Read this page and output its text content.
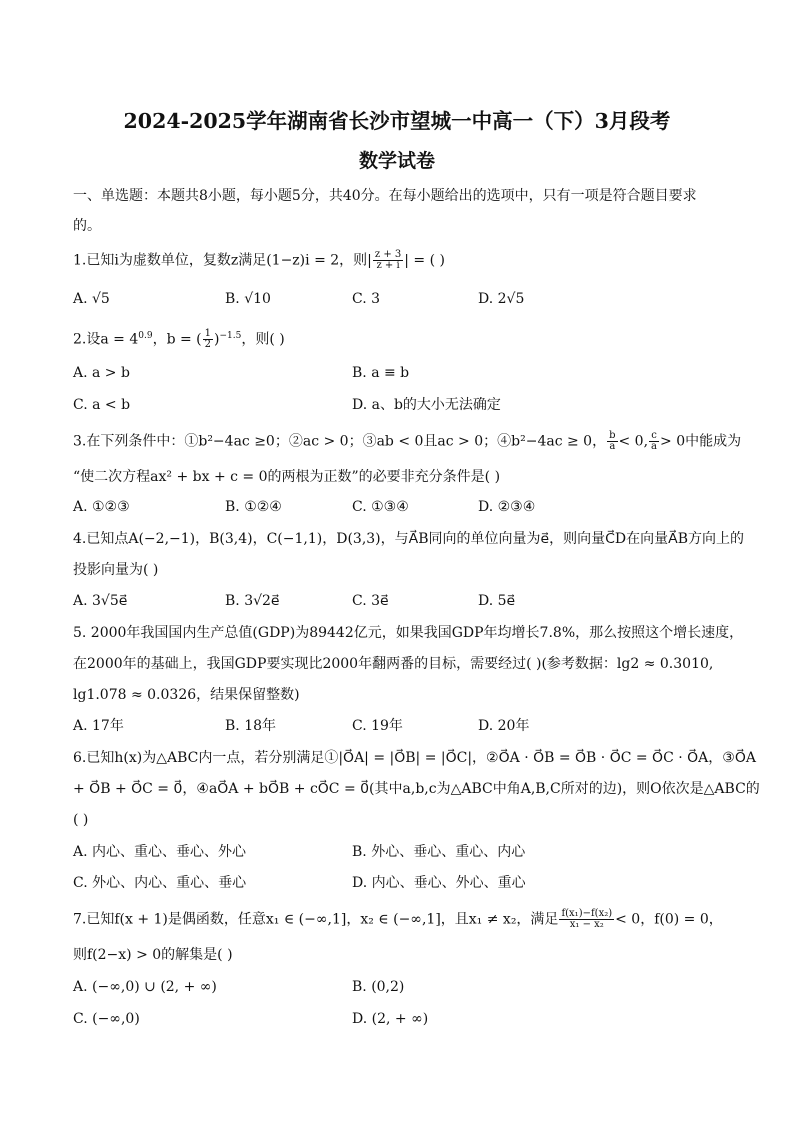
2024-2025学年湖南省长沙市望城一中高一（下）3月段考
数学试卷
一、单选题：本题共8小题，每小题5分，共40分。在每小题给出的选项中，只有一项是符合题目要求
的。
1.已知i为虚数单位，复数z满足(1−z)i = 2，则| $\frac{z + 3}{z + i}$ | = ( )
A. √5	B. √10	C. 3	D. 2√5
2.设$a = 4^{0.9}$，b = ( $\frac{1}{2} )^{-1.5}$，则( )
A. a > b	B. a ≡ b
C. a < b	D. a、b的大小无法确定
3.在下列条件中：①b²−4ac ≥0；②ac > 0；③ab < 0且ac > 0；④b²−4ac ≥ 0， $\frac{b}{a} < 0$, $\frac{c}{a} > 0$中能成为
“使二次方程ax² + bx + c = 0的两根为正数”的必要非充分条件是( )
A. ①②③	B. ①②④	C. ①③④	D. ②③④
4.已知点A(−2,−1)，B(3,4)，C(−1,1)，D(3,3)，与A⃗B同向的单位向量为e⃗，则向量C⃗D在向量A⃗B方向上的
投影向量为( )
A. 3√5e⃗	B. 3√2e⃗	C. 3e⃗	D. 5e⃗
5. 2000年我国国内生产总值(GDP)为89442亿元，如果我国GDP年均增长7.8%，那么按照这个增长速度，
在2000年的基础上，我国GDP要实现比2000年翻两番的目标，需要经过( )(参考数据：lg2 ≈ 0.3010,
lg1.078 ≈ 0.0326，结果保留整数)
A. 17年	B. 18年	C. 19年	D. 20年
6.已知h(x)为△ABC内一点，若分别满足①|O⃗A| = |O⃗B| = |O⃗C|，②O⃗A · O⃗B = O⃗B · O⃗C = O⃗C · O⃗A，③O⃗A
+ O⃗B + O⃗C = 0⃗，④aO⃗A + bO⃗B + cO⃗C = 0⃗(其中a,b,c为△ABC中角A,B,C所对的边)，则O依次是△ABC的
( )
A. 内心、重心、垂心、外心	B. 外心、垂心、重心、内心
C. 外心、内心、重心、垂心	D. 内心、垂心、外心、重心
7.已知f(x + 1)是偶函数，任意x₁ ∈ (−∞,1]，x₂ ∈ (−∞,1]，且x₁ ≠ x₂，满足 $\frac{\text{f(x₁)−f(x₂)}}{\text{x₁ − x₂}} < 0$，f(0) = 0，
则f(2−x) > 0的解集是( )
A. (−∞,0) ∪ (2, + ∞)	B. (0,2)
C. (−∞,0)	D. (2, + ∞)
